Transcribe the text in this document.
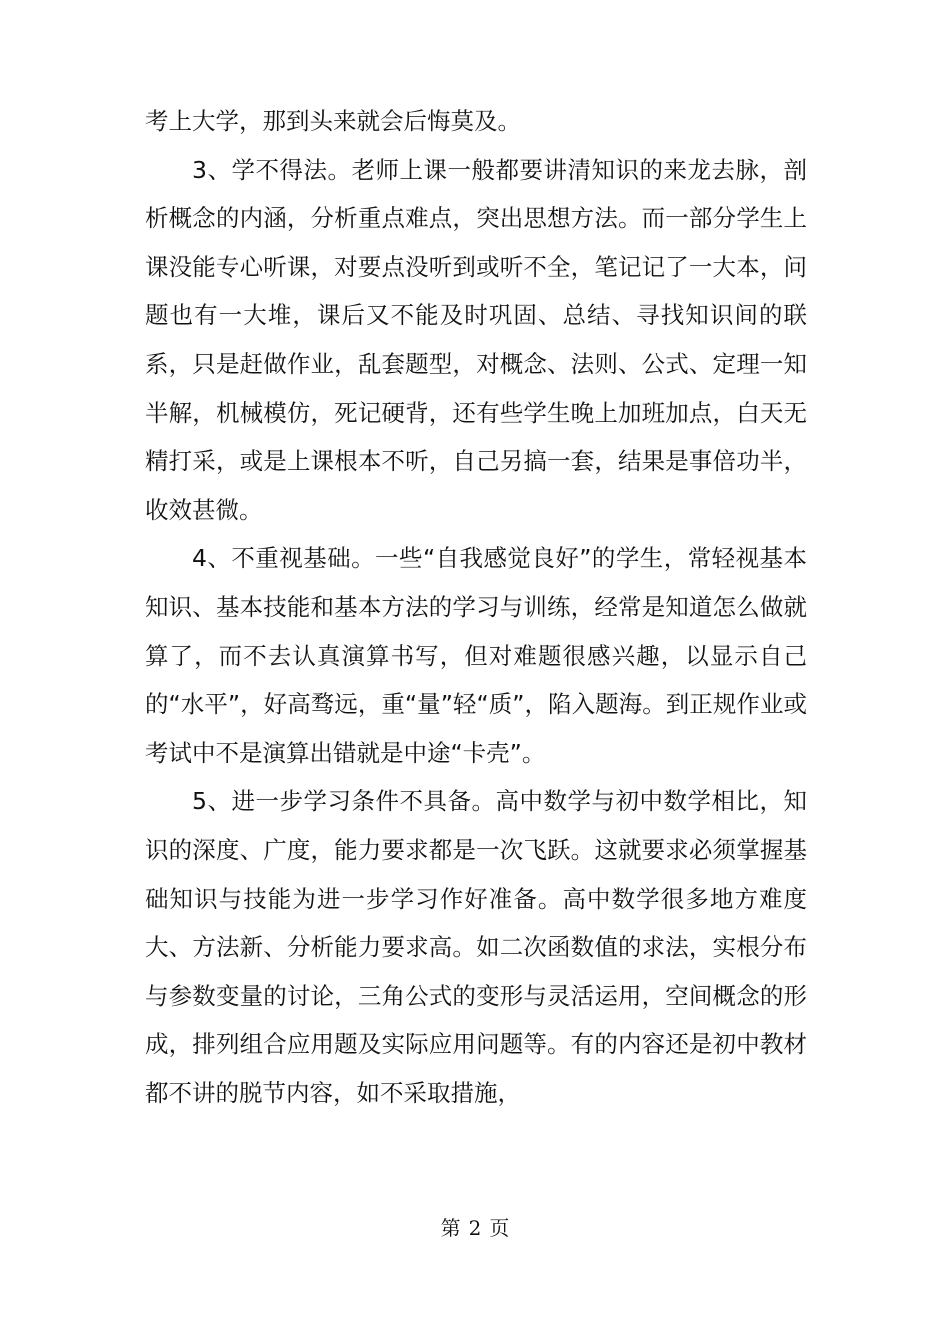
考上大学，那到头来就会后悔莫及。

3、学不得法。老师上课一般都要讲清知识的来龙去脉，剖析概念的内涵，分析重点难点，突出思想方法。而一部分学生上课没能专心听课，对要点没听到或听不全，笔记记了一大本，问题也有一大堆，课后又不能及时巩固、总结、寻找知识间的联系，只是赶做作业，乱套题型，对概念、法则、公式、定理一知半解，机械模仿，死记硬背，还有些学生晚上加班加点，白天无精打采，或是上课根本不听，自己另搞一套，结果是事倍功半，收效甚微。

4、不重视基础。一些“自我感觉良好”的学生，常轻视基本知识、基本技能和基本方法的学习与训练，经常是知道怎么做就算了，而不去认真演算书写，但对难题很感兴趣，以显示自己的“水平”，好高骛远，重“量”轻“质”，陷入题海。到正规作业或考试中不是演算出错就是中途“卡壳”。

5、进一步学习条件不具备。高中数学与初中数学相比，知识的深度、广度，能力要求都是一次飞跃。这就要求必须掌握基础知识与技能为进一步学习作好准备。高中数学很多地方难度大、方法新、分析能力要求高。如二次函数值的求法，实根分布与参数变量的讨论，三角公式的变形与灵活运用，空间概念的形成，排列组合应用题及实际应用问题等。有的内容还是初中教材都不讲的脱节内容，如不采取措施，

第 2 页
